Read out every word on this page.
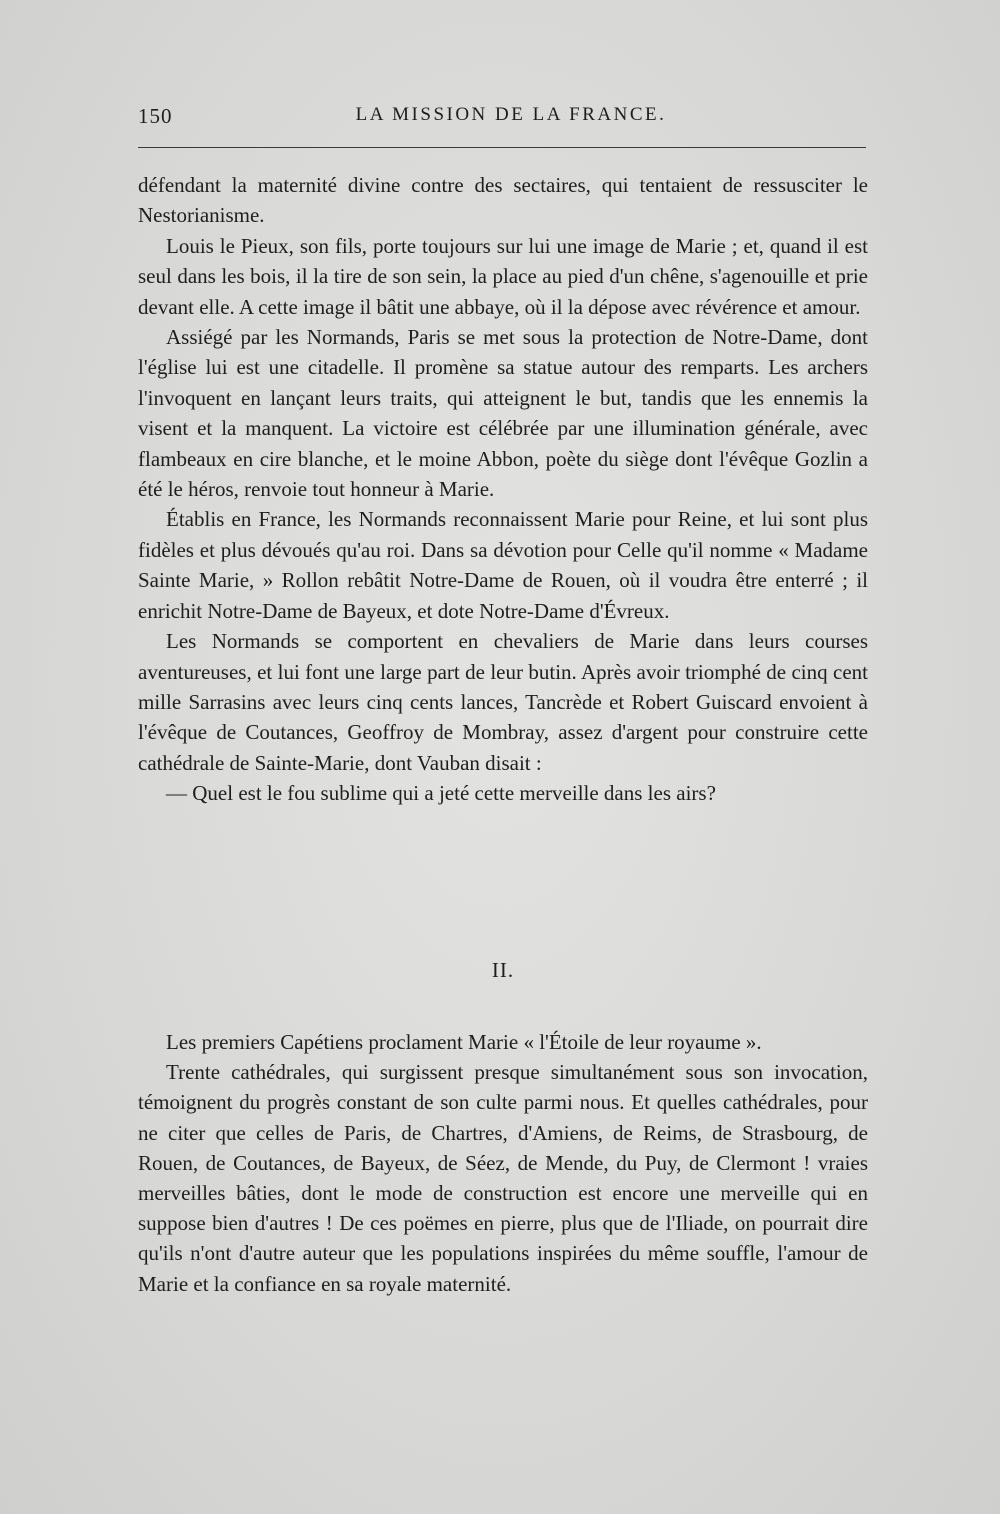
150	LA MISSION DE LA FRANCE.

défendant la maternité divine contre des sectaires, qui tentaient de ressusciter le Nestorianisme.

Louis le Pieux, son fils, porte toujours sur lui une image de Marie ; et, quand il est seul dans les bois, il la tire de son sein, la place au pied d'un chêne, s'agenouille et prie devant elle. A cette image il bâtit une abbaye, où il la dépose avec révérence et amour.

Assiégé par les Normands, Paris se met sous la protection de Notre-Dame, dont l'église lui est une citadelle. Il promène sa statue autour des remparts. Les archers l'invoquent en lançant leurs traits, qui atteignent le but, tandis que les ennemis la visent et la manquent. La victoire est célébrée par une illumination générale, avec flambeaux en cire blanche, et le moine Abbon, poète du siège dont l'évêque Gozlin a été le héros, renvoie tout honneur à Marie.

Établis en France, les Normands reconnaissent Marie pour Reine, et lui sont plus fidèles et plus dévoués qu'au roi. Dans sa dévotion pour Celle qu'il nomme « Madame Sainte Marie, » Rollon rebâtit Notre-Dame de Rouen, où il voudra être enterré ; il enrichit Notre-Dame de Bayeux, et dote Notre-Dame d'Évreux.

Les Normands se comportent en chevaliers de Marie dans leurs courses aventureuses, et lui font une large part de leur butin. Après avoir triomphé de cinq cent mille Sarrasins avec leurs cinq cents lances, Tancrède et Robert Guiscard envoient à l'évêque de Coutances, Geoffroy de Mombray, assez d'argent pour construire cette cathédrale de Sainte-Marie, dont Vauban disait :

— Quel est le fou sublime qui a jeté cette merveille dans les airs?

II.

Les premiers Capétiens proclament Marie « l'Étoile de leur royaume ».

Trente cathédrales, qui surgissent presque simultanément sous son invocation, témoignent du progrès constant de son culte parmi nous. Et quelles cathédrales, pour ne citer que celles de Paris, de Chartres, d'Amiens, de Reims, de Strasbourg, de Rouen, de Coutances, de Bayeux, de Séez, de Mende, du Puy, de Clermont ! vraies merveilles bâties, dont le mode de construction est encore une merveille qui en suppose bien d'autres ! De ces poëmes en pierre, plus que de l'Iliade, on pourrait dire qu'ils n'ont d'autre auteur que les populations inspirées du même souffle, l'amour de Marie et la confiance en sa royale maternité.
